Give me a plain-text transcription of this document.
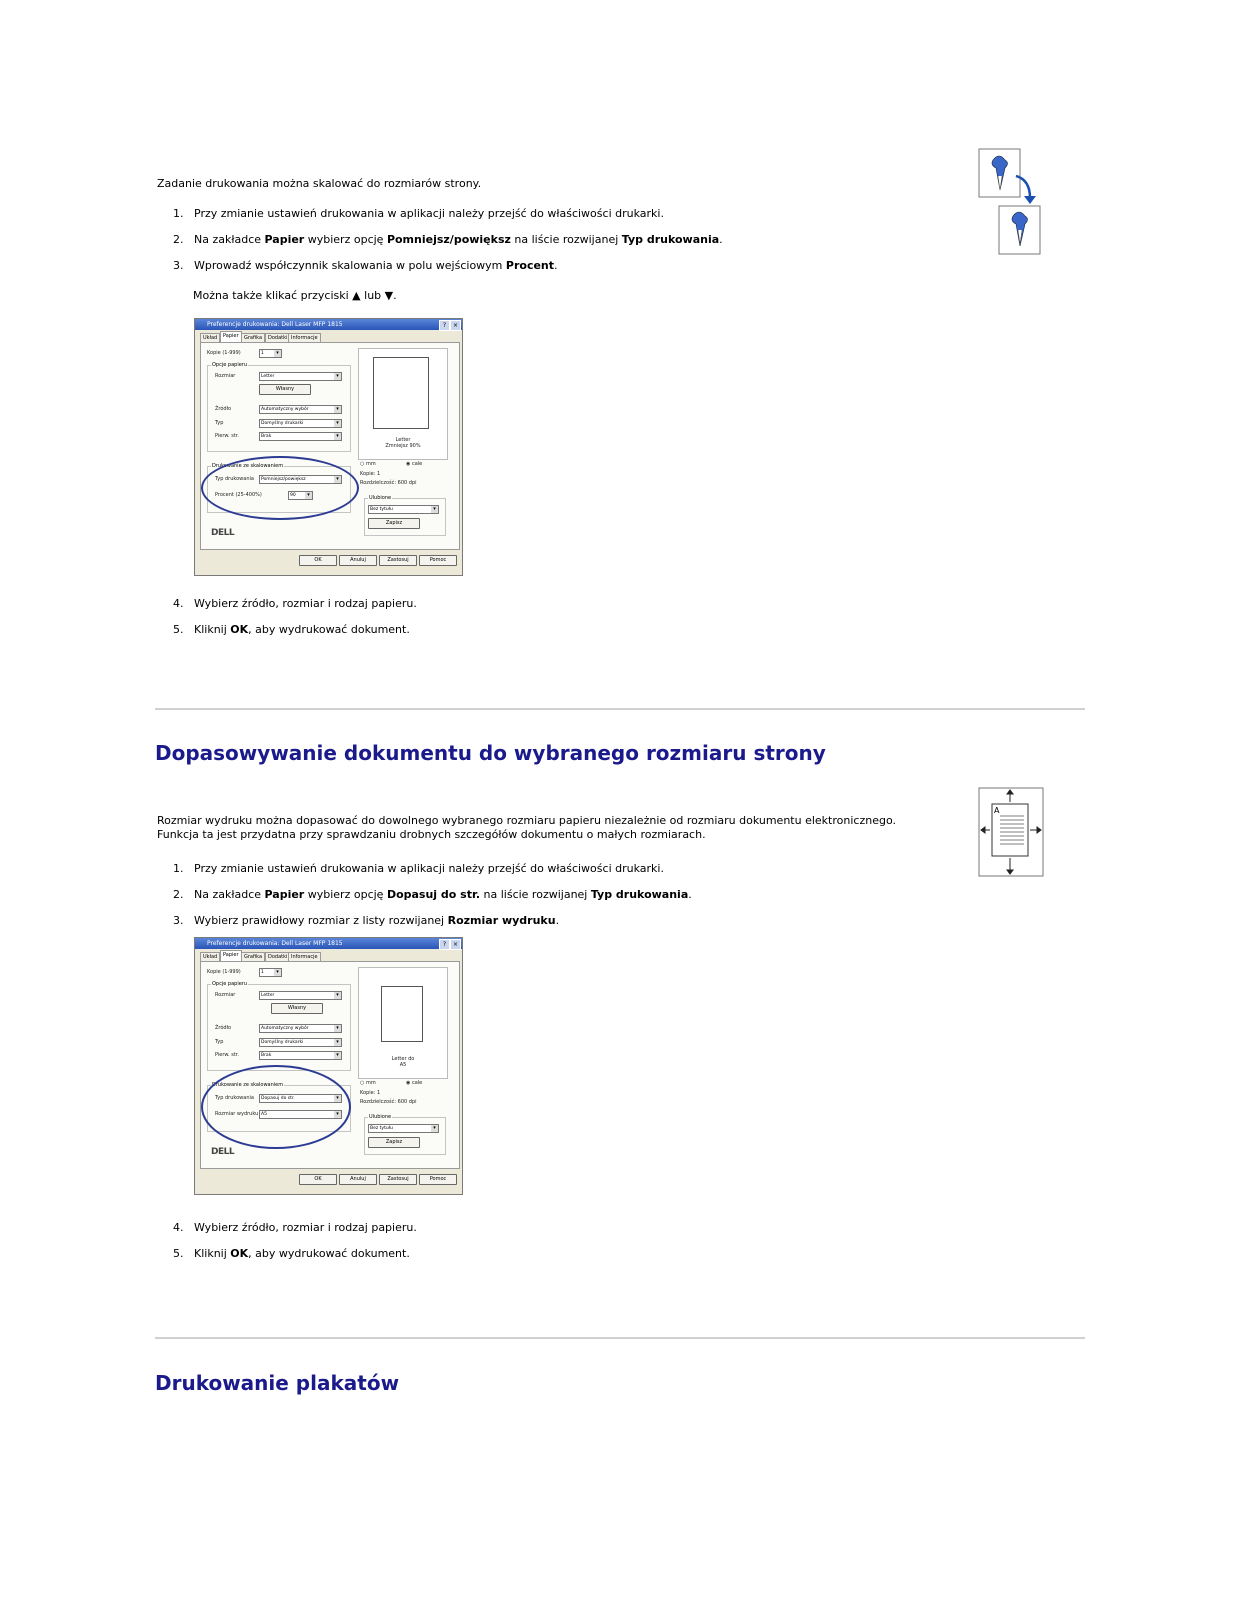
Zadanie drukowania można skalować do rozmiarów strony.
1. Przy zmianie ustawień drukowania w aplikacji należy przejść do właściwości drukarki.
2. Na zakładce Papier wybierz opcję Pomniejsz/powiększ na liście rozwijanej Typ drukowania.
3. Wprowadź współczynnik skalowania w polu wejściowym Procent.
Można także klikać przyciski ▲ lub ▼.
Preferencje drukowania: Dell Laser MFP 1815	?	×
Układ	Papier	Grafika	Dodatki Informacje
Kopie (1-999)	1 ▾
Opcje papieru
Rozmiar	Letter ▾
Własny
Źródło	Automatyczny wybór ▾
Typ	Domyślny drukarki ▾
Pierw. str.	Brak ▾
Drukowanie ze skalowaniem
Typ drukowania	Pomniejsz/powiększ ▾
Procent (25-400%)	90 ▾
Letter
Zmniejsz 90%
○ mm	◉ cale
Kopie: 1
Rozdzielczość: 600 dpi
Ulubione
Bez tytułu ▾
Zapisz
DELL
OK	Anuluj	Zastosuj	Pomoc
4. Wybierz źródło, rozmiar i rodzaj papieru.
5. Kliknij OK, aby wydrukować dokument.
Dopasowywanie dokumentu do wybranego rozmiaru strony
Rozmiar wydruku można dopasować do dowolnego wybranego rozmiaru papieru niezależnie od rozmiaru dokumentu elektronicznego.
Funkcja ta jest przydatna przy sprawdzaniu drobnych szczegółów dokumentu o małych rozmiarach.
A
1. Przy zmianie ustawień drukowania w aplikacji należy przejść do właściwości drukarki.
2. Na zakładce Papier wybierz opcję Dopasuj do str. na liście rozwijanej Typ drukowania.
3. Wybierz prawidłowy rozmiar z listy rozwijanej Rozmiar wydruku.
Preferencje drukowania: Dell Laser MFP 1815	?	×
Układ	Papier	Grafika	Dodatki Informacje
Kopie (1-999)	1 ▾
Opcje papieru
Rozmiar	Letter ▾
Własny
Źródło	Automatyczny wybór ▾
Typ	Domyślny drukarki ▾
Pierw. str.	Brak ▾
Drukowanie ze skalowaniem
Typ drukowania	Dopasuj do str. ▾
Rozmiar wydruku A5 ▾
Letter do
A5
○ mm	◉ cale
Kopie: 1
Rozdzielczość: 600 dpi
Ulubione
Bez tytułu ▾
Zapisz
DELL
OK	Anuluj	Zastosuj	Pomoc
4. Wybierz źródło, rozmiar i rodzaj papieru.
5. Kliknij OK, aby wydrukować dokument.
Drukowanie plakatów
